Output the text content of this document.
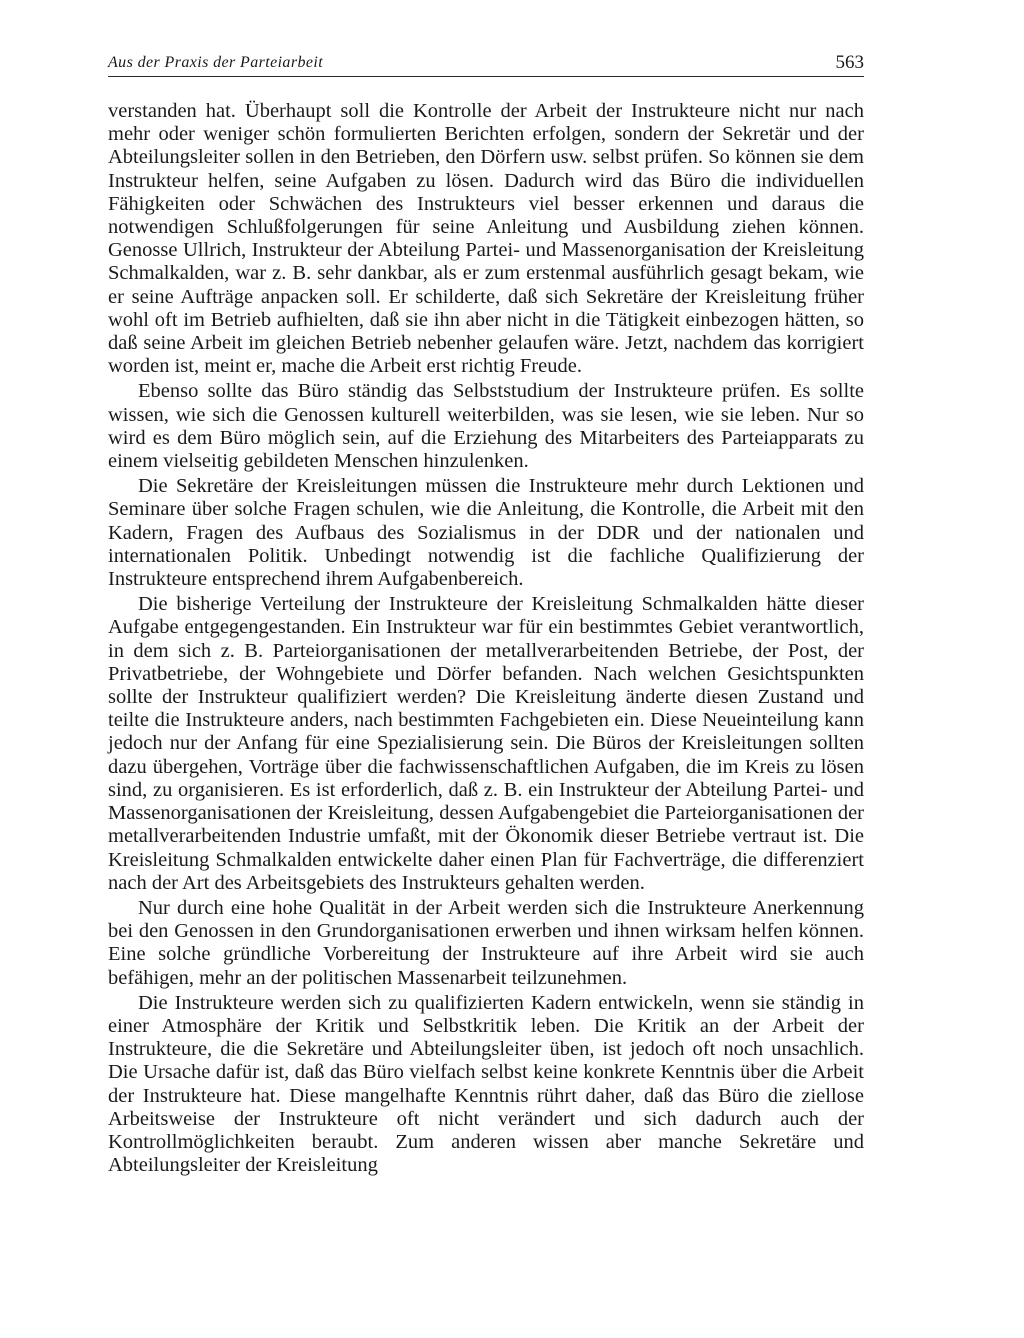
Aus der Praxis der Parteiarbeit	563

verstanden hat. Überhaupt soll die Kontrolle der Arbeit der Instrukteure nicht nur nach mehr oder weniger schön formulierten Berichten erfolgen, sondern der Sekretär und der Abteilungsleiter sollen in den Betrieben, den Dörfern usw. selbst prüfen. So können sie dem Instrukteur helfen, seine Aufgaben zu lösen. Dadurch wird das Büro die individuellen Fähigkeiten oder Schwächen des Instrukteurs viel besser erkennen und daraus die notwendigen Schlußfolgerungen für seine Anleitung und Ausbildung ziehen können. Genosse Ullrich, Instrukteur der Abteilung Partei- und Massenorganisation der Kreisleitung Schmalkalden, war z. B. sehr dankbar, als er zum erstenmal ausführlich gesagt bekam, wie er seine Aufträge anpacken soll. Er schilderte, daß sich Sekretäre der Kreisleitung früher wohl oft im Betrieb aufhielten, daß sie ihn aber nicht in die Tätigkeit einbezogen hätten, so daß seine Arbeit im gleichen Betrieb nebenher gelaufen wäre. Jetzt, nachdem das korrigiert worden ist, meint er, mache die Arbeit erst richtig Freude.

Ebenso sollte das Büro ständig das Selbststudium der Instrukteure prüfen. Es sollte wissen, wie sich die Genossen kulturell weiterbilden, was sie lesen, wie sie leben. Nur so wird es dem Büro möglich sein, auf die Erziehung des Mitarbeiters des Parteiapparats zu einem vielseitig gebildeten Menschen hinzulenken.

Die Sekretäre der Kreisleitungen müssen die Instrukteure mehr durch Lektionen und Seminare über solche Fragen schulen, wie die Anleitung, die Kontrolle, die Arbeit mit den Kadern, Fragen des Aufbaus des Sozialismus in der DDR und der nationalen und internationalen Politik. Unbedingt notwendig ist die fachliche Qualifizierung der Instrukteure entsprechend ihrem Aufgabenbereich.

Die bisherige Verteilung der Instrukteure der Kreisleitung Schmalkalden hätte dieser Aufgabe entgegengestanden. Ein Instrukteur war für ein bestimmtes Gebiet verantwortlich, in dem sich z. B. Parteiorganisationen der metallverarbeitenden Betriebe, der Post, der Privatbetriebe, der Wohngebiete und Dörfer befanden. Nach welchen Gesichtspunkten sollte der Instrukteur qualifiziert werden? Die Kreisleitung änderte diesen Zustand und teilte die Instrukteure anders, nach bestimmten Fachgebieten ein. Diese Neueinteilung kann jedoch nur der Anfang für eine Spezialisierung sein. Die Büros der Kreisleitungen sollten dazu übergehen, Vorträge über die fachwissenschaftlichen Aufgaben, die im Kreis zu lösen sind, zu organisieren. Es ist erforderlich, daß z. B. ein Instrukteur der Abteilung Partei- und Massenorganisationen der Kreisleitung, dessen Aufgabengebiet die Parteiorganisationen der metallverarbeitenden Industrie umfaßt, mit der Ökonomik dieser Betriebe vertraut ist. Die Kreisleitung Schmalkalden entwickelte daher einen Plan für Fachverträge, die differenziert nach der Art des Arbeitsgebiets des Instrukteurs gehalten werden.

Nur durch eine hohe Qualität in der Arbeit werden sich die Instrukteure Anerkennung bei den Genossen in den Grundorganisationen erwerben und ihnen wirksam helfen können. Eine solche gründliche Vorbereitung der Instrukteure auf ihre Arbeit wird sie auch befähigen, mehr an der politischen Massenarbeit teilzunehmen.

Die Instrukteure werden sich zu qualifizierten Kadern entwickeln, wenn sie ständig in einer Atmosphäre der Kritik und Selbstkritik leben. Die Kritik an der Arbeit der Instrukteure, die die Sekretäre und Abteilungsleiter üben, ist jedoch oft noch unsachlich. Die Ursache dafür ist, daß das Büro vielfach selbst keine konkrete Kenntnis über die Arbeit der Instrukteure hat. Diese mangelhafte Kenntnis rührt daher, daß das Büro die ziellose Arbeitsweise der Instrukteure oft nicht verändert und sich dadurch auch der Kontrollmöglichkeiten beraubt. Zum anderen wissen aber manche Sekretäre und Abteilungsleiter der Kreisleitung
